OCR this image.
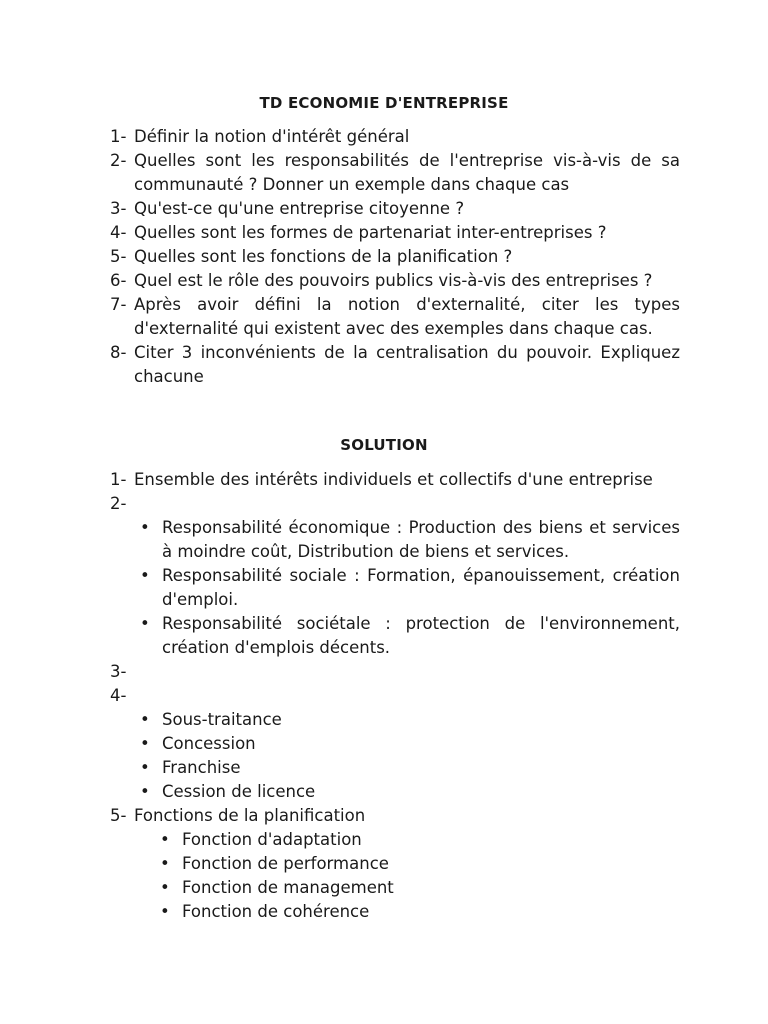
TD ECONOMIE D'ENTREPRISE
1- Définir la notion d'intérêt général
2- Quelles sont les responsabilités de l'entreprise vis-à-vis de sa communauté ? Donner un exemple dans chaque cas
3- Qu'est-ce qu'une entreprise citoyenne ?
4- Quelles sont les formes de partenariat inter-entreprises ?
5- Quelles sont les fonctions de la planification ?
6- Quel est le rôle des pouvoirs publics vis-à-vis des entreprises ?
7- Après avoir défini la notion d'externalité, citer les types d'externalité qui existent avec des exemples dans chaque cas.
8- Citer 3 inconvénients de la centralisation du pouvoir. Expliquez chacune
SOLUTION
1- Ensemble des intérêts individuels et collectifs d'une entreprise
2-
• Responsabilité économique : Production des biens et services à moindre coût, Distribution de biens et services.
• Responsabilité sociale : Formation, épanouissement, création d'emploi.
• Responsabilité sociétale : protection de l'environnement, création d'emplois décents.
3-
4-
• Sous-traitance
• Concession
• Franchise
• Cession de licence
5- Fonctions de la planification
• Fonction d'adaptation
• Fonction de performance
• Fonction de management
• Fonction de cohérence
